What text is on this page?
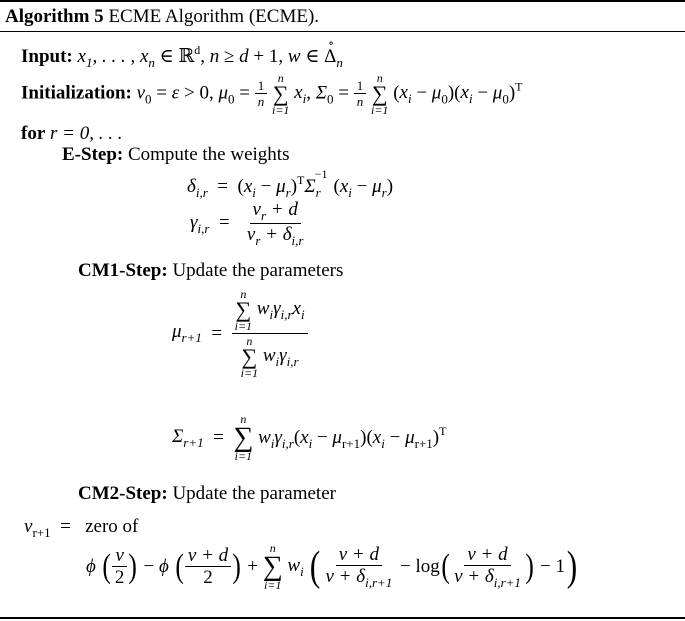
Algorithm 5 ECME Algorithm (ECME).
Input: $x_1$, . . . , $x_n$ ∈ ℝ$^d$, n ≥ d + 1, w ∈ Δ
∘
$_n$
Initialization: $\nu_0 = \varepsilon > 0$, $\mu_0 = \frac{1}{n}$

n
∑
i=1
$x_i$, $\Sigma_0 = \frac{1}{n}$

n
∑
i=1
$(x_i - \mu_0)(x_i - \mu_0)^T$
for r = 0, . . .
E-Step: Compute the weights
$\delta_{i,r} = (x_i - \mu_r)^T\Sigma_r^{-1}(x_i - \mu_r)$
$\gamma_{i,r} = \frac{\nu_r + d}{\nu_r + \delta_{i,r}}$
CM1-Step: Update the parameters
$\mu_{r+1} = n$
∑
i=1
$w_i\gamma_{i,r}x_i$
n
∑
i=1
$w_i\gamma_{i,r}$
$\Sigma_{r+1}$ =
n
∑
i=1
$w_i\gamma_{i,r}(x_i - \mu_{r+1})(x_i - \mu_{r+1})^T$
CM2-Step: Update the parameter
$\nu_{r+1}$  =   zero of
ϕ ( $\frac{\nu}{2}$ ) − ϕ ( $\frac{\nu + d}{2}$ ) +
n
∑
i=1
$w_i$ ( $\frac{\nu + d}{\nu + \delta_{i,r+1}} - \log( \frac{\nu + d}{\nu + \delta_{i,r+1}}$ ) − 1)
